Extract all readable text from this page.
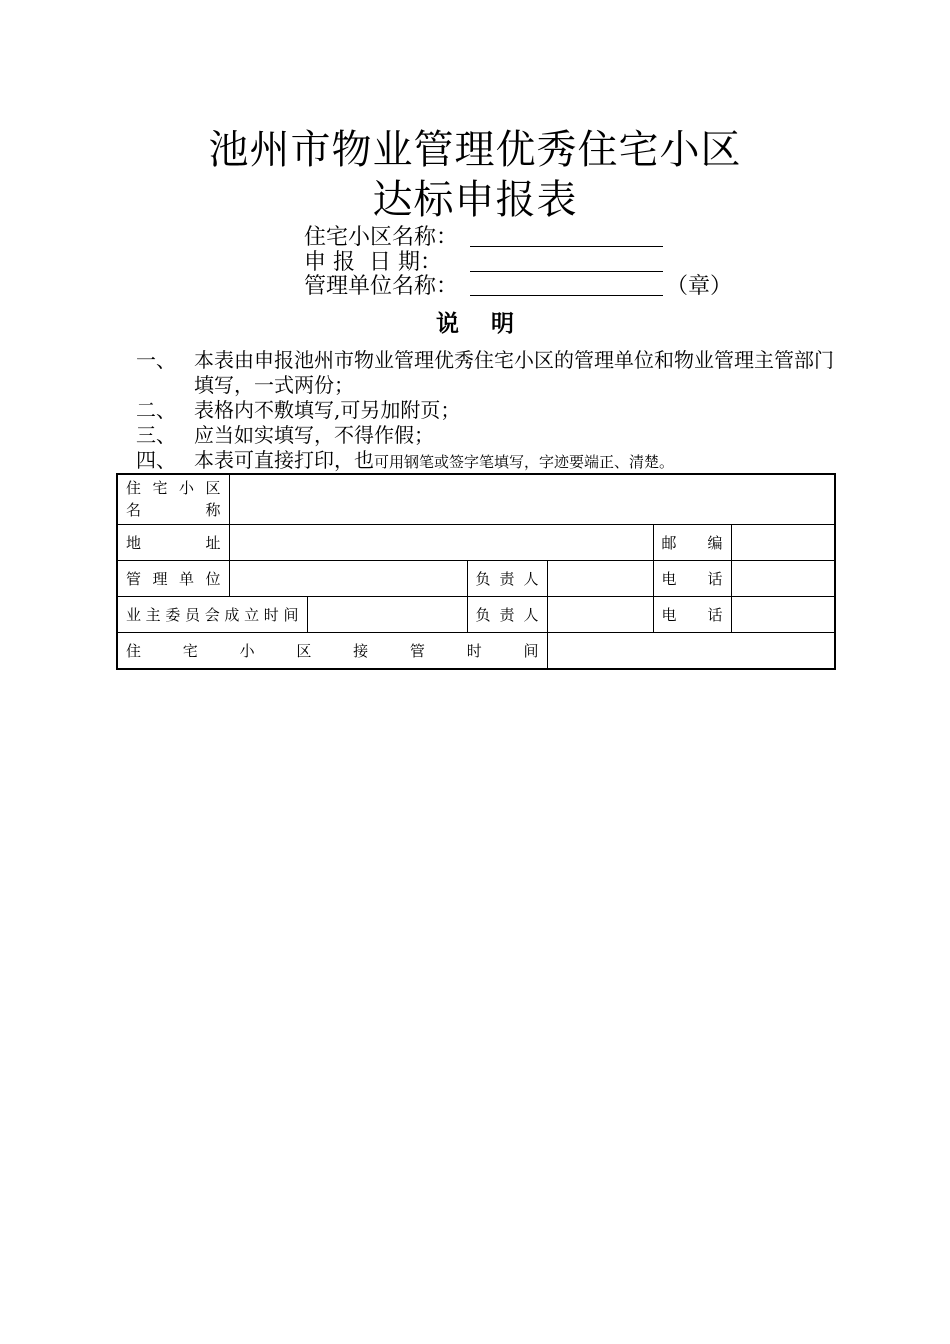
池州市物业管理优秀住宅小区
达标申报表
住宅小区名称：
申 报  日 期：
管理单位名称：	（章）
说    明
一、 本表由申报池州市物业管理优秀住宅小区的管理单位和物业管理主管部门填写，一式两份；
二、 表格内不敷填写,可另加附页；
三、 应当如实填写，不得作假；
四、 本表可直接打印，也可用钢笔或签字笔填写，字迹要端正、清楚。
住宅小区
名称						

地址					邮编	

管理单位			负责人		电话	

业主委员会成立时间			负责人		电话	

住宅小区接管时间						
